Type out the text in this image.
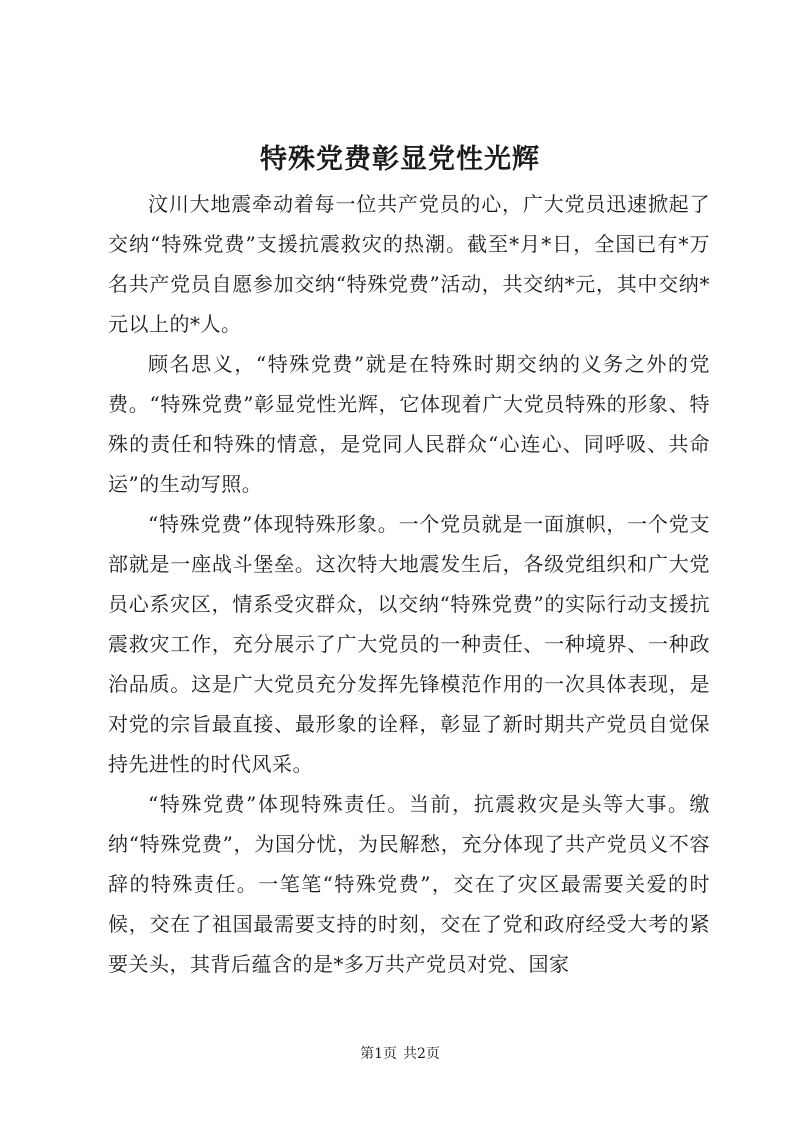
特殊党费彰显党性光辉

汶川大地震牵动着每一位共产党员的心，广大党员迅速掀起了交纳“特殊党费”支援抗震救灾的热潮。截至*月*日，全国已有*万名共产党员自愿参加交纳“特殊党费”活动，共交纳*元，其中交纳*元以上的*人。

顾名思义，“特殊党费”就是在特殊时期交纳的义务之外的党费。“特殊党费”彰显党性光辉，它体现着广大党员特殊的形象、特殊的责任和特殊的情意，是党同人民群众“心连心、同呼吸、共命运”的生动写照。

“特殊党费”体现特殊形象。一个党员就是一面旗帜，一个党支部就是一座战斗堡垒。这次特大地震发生后，各级党组织和广大党员心系灾区，情系受灾群众，以交纳“特殊党费”的实际行动支援抗震救灾工作，充分展示了广大党员的一种责任、一种境界、一种政治品质。这是广大党员充分发挥先锋模范作用的一次具体表现，是对党的宗旨最直接、最形象的诠释，彰显了新时期共产党员自觉保持先进性的时代风采。

“特殊党费”体现特殊责任。当前，抗震救灾是头等大事。缴纳“特殊党费”，为国分忧，为民解愁，充分体现了共产党员义不容辞的特殊责任。一笔笔“特殊党费”，交在了灾区最需要关爱的时候，交在了祖国最需要支持的时刻，交在了党和政府经受大考的紧要关头，其背后蕴含的是*多万共产党员对党、国家

第1页 共2页
